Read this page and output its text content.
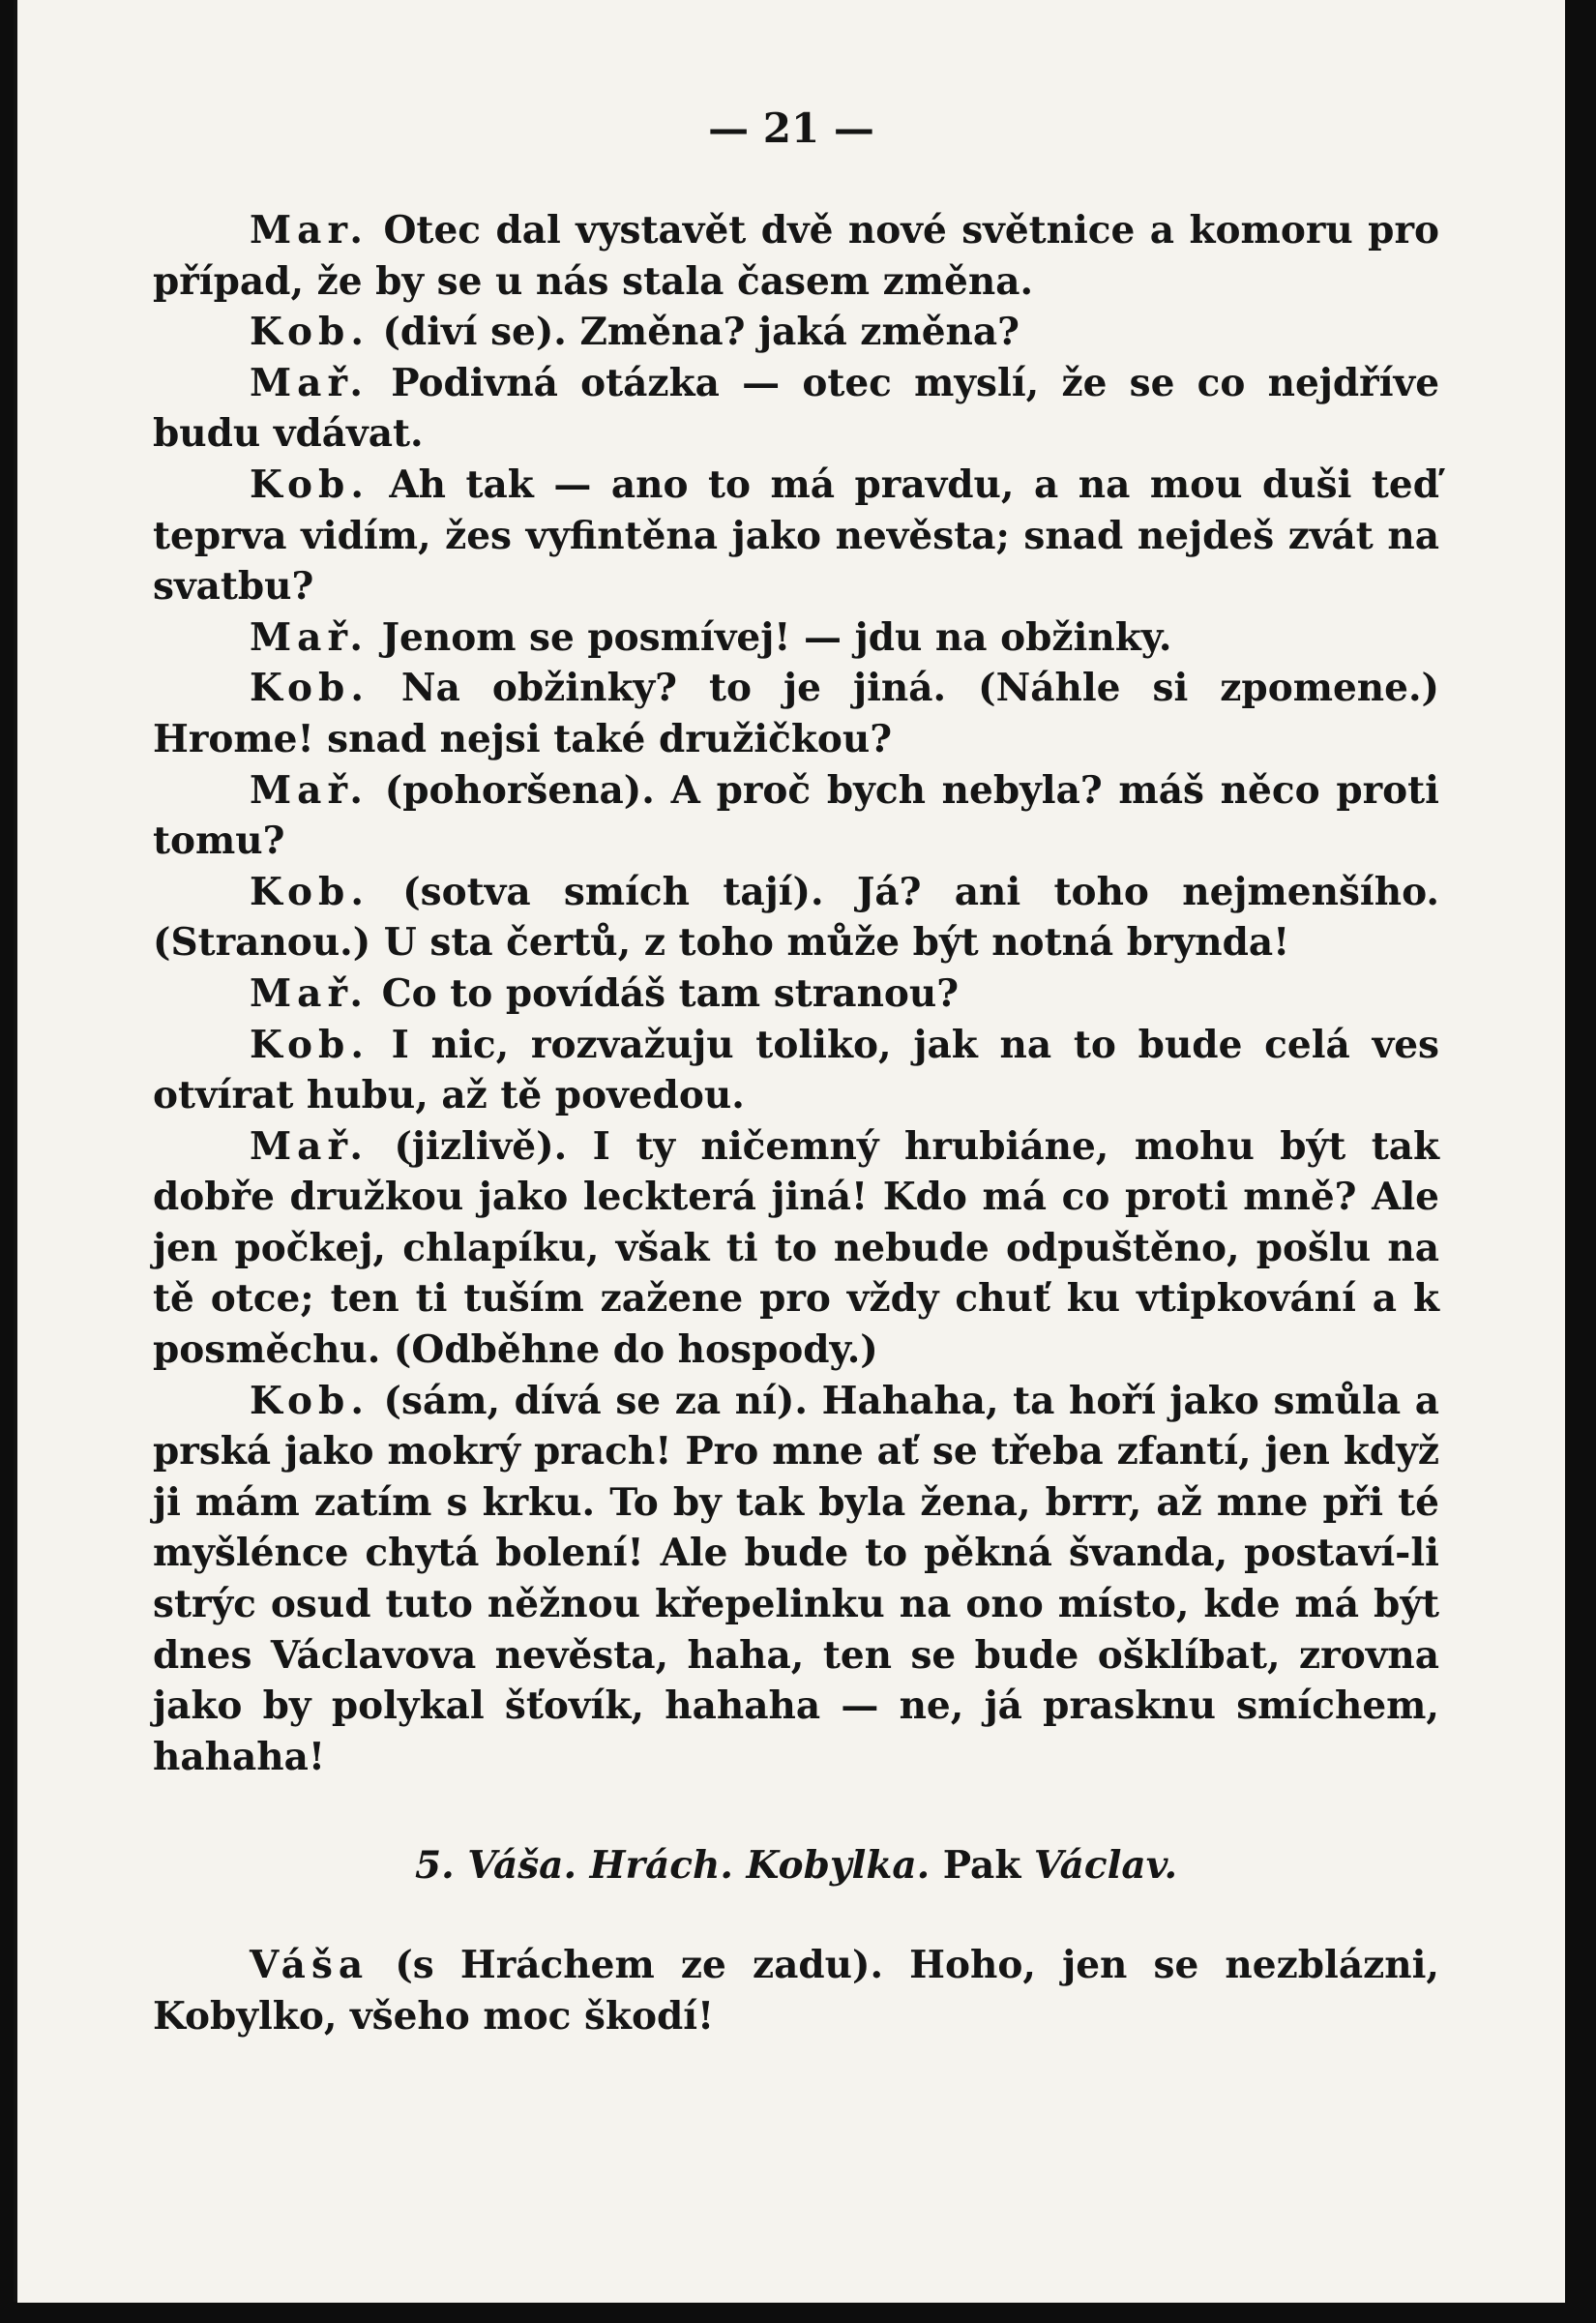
— 21 —

Mar. Otec dal vystavět dvě nové světnice a komoru pro případ, že by se u nás stala časem změna.

Kob. (diví se). Změna? jaká změna?

Mař. Podivná otázka — otec myslí, že se co nejdříve budu vdávat.

Kob. Ah tak — ano to má pravdu, a na mou duši teď teprva vidím, žes vyfintěna jako nevěsta; snad nejdeš zvát na svatbu?

Mař. Jenom se posmívej! — jdu na obžinky.

Kob. Na obžinky? to je jiná. (Náhle si zpomene.) Hrome! snad nejsi také družičkou?

Mař. (pohoršena). A proč bych nebyla? máš něco proti tomu?

Kob. (sotva smích tají). Já? ani toho nejmenšího. (Stranou.) U sta čertů, z toho může být notná brynda!

Mař. Co to povídáš tam stranou?

Kob. I nic, rozvažuju toliko, jak na to bude celá ves otvírat hubu, až tě povedou.

Mař. (jizlivě). I ty ničemný hrubiáne, mohu být tak dobře družkou jako leckterá jiná! Kdo má co proti mně? Ale jen počkej, chlapíku, však ti to nebude odpuštěno, pošlu na tě otce; ten ti tuším zažene pro vždy chuť ku vtipkování a k posměchu. (Odběhne do hospody.)

Kob. (sám, dívá se za ní). Hahaha, ta hoří jako smůla a prská jako mokrý prach! Pro mne ať se třeba zfantí, jen když ji mám zatím s krku. To by tak byla žena, brrr, až mne při té myšlénce chytá bolení! Ale bude to pěkná švanda, postaví-li strýc osud tuto něžnou křepelinku na ono místo, kde má být dnes Václavova nevěsta, haha, ten se bude ošklíbat, zrovna jako by polykal šťovík, hahaha — ne, já prasknu smíchem, hahaha!

5. Váša. Hrách. Kobylka. Pak Václav.

Váša (s Hráchem ze zadu). Hoho, jen se nezblázni, Kobylko, všeho moc škodí!
